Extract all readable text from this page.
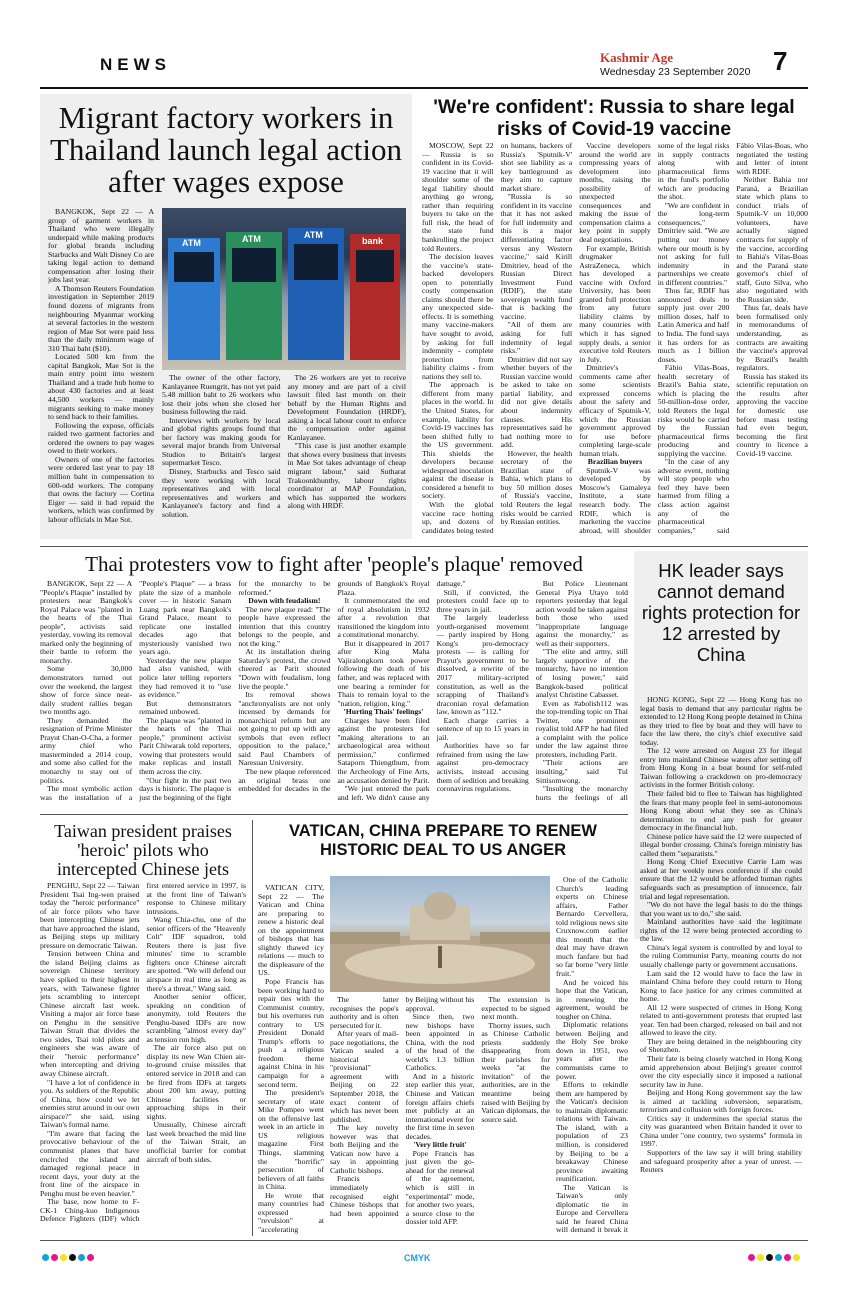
NEWS	Kashmir Age
Wednesday 23 September 2020 7
Migrant factory workers in Thailand launch legal action after wages expose

BANGKOK, Sept 22 — A group of garment workers in Thailand who were illegally underpaid while making products for global brands including Starbucks and Walt Disney Co are taking legal action to demand compensation after losing their jobs last year.

A Thomson Reuters Foundation investigation in September 2019 found dozens of migrants from neighbouring Myanmar working at several factories in the western region of Mae Sot were paid less than the daily minimum wage of 310 Thai baht ($10).

Located 500 km from the capital Bangkok, Mae Sot is the main entry point into western Thailand and a trade hub home to about 430 factories and at least 44,500 workers — mainly migrants seeking to make money to send back to their families.

Following the expose, officials raided two garment factories and ordered the owners to pay wages owed to their workers.

Owners of one of the factories were ordered last year to pay 18 million baht in compensation to 600-odd workers. The company that owns the factory — Cortina Eiger — said it had repaid the workers, which was confirmed by labour officials in Mae Sot.

ATM	ATM	ATM
bank

The owner of the other factory, Kanlayanee Ruengrit, has not yet paid 5.48 million baht to 26 workers who lost their jobs when she closed her business following the raid.

Interviews with workers by local and global rights groups found that her factory was making goods for several major brands from Universal Studios to Britain's largest supermarket Tesco.

Disney, Starbucks and Tesco said they were working with local representatives and with local representatives and workers and Kanlayanee's factory and find a solution.

The 26 workers are yet to receive any money and are part of a civil lawsuit filed last month on their behalf by the Human Rights and Development Foundation (HRDF), asking a local labour court to enforce the compensation order against Kanlayanee.

"This case is just another example that shows every business that invests in Mae Sot takes advantage of cheap migrant labour," said Sutharat Trakoonkhunthy, labour rights coordinator at MAP Foundation, which has supported the workers along with HRDF.

'We're confident': Russia to share legal risks of Covid-19 vaccine

MOSCOW, Sept 22 — Russia is so confident in its Covid-19 vaccine that it will shoulder some of the legal liability should anything go wrong, rather than requiring buyers to take on the full risk, the head of the state fund bankrolling the project told Reuters.

The decision leaves the vaccine's state-backed developers open to potentially costly compensation claims should there be any unexpected side-effects. It is something many vaccine-makers have sought to avoid, by asking for full indemnity - complete protection from liability claims - from nations they sell to.

The approach is different from many places in the world. In the United States, for example, liability for Covid-19 vaccines has been shifted fully to the US government. This shields the developers because widespread inoculation against the disease is considered a benefit to society.

With the global vaccine race hotting up, and dozens of candidates being tested on humans, backers of Russia's 'Sputnik-V' shot see liability as a key battleground as they aim to capture market share.

"Russia is so confident in its vaccine that it has not asked for full indemnity and this is a major differentiating factor versus any Western vaccine," said Kirill Dmitriev, head of the Russian Direct Investment Fund (RDIF), the state sovereign wealth fund that is backing the vaccine.

"All of them are asking for full indemnity of legal risks."

Dmitriev did not say whether buyers of the Russian vaccine would be asked to take on partial liability, and did not give details about indemnity clauses. His representatives said he had nothing more to add.

However, the health secretary of the Brazilian state of Bahia, which plans to buy 50 million doses of Russia's vaccine, told Reuters the legal risks would be carried by Russian entities.

Vaccine developers around the world are compressing years of development into months, raising the possibility of unexpected consequences and making the issue of compensation claims a key point in supply deal negotiations.

For example, British drugmaker AstraZeneca, which has developed a vaccine with Oxford University, has been granted full protection from any future liability claims by many countries with which it has signed supply deals, a senior executive told Reuters in July.

Dmitriev's comments came after some scientists expressed concerns about the safety and efficacy of Sputnik-V, which the Russian government approved for use before completing large-scale human trials.

Brazilian buyers

Sputnik-V was developed by Moscow's Gamaleya Institute, a state research body. The RDIF, which is marketing the vaccine abroad, will shoulder some of the legal risks in supply contracts along with pharmaceutical firms in the fund's portfolio which are producing the shot.

"We are confident in the long-term consequences," Dmitriev said. "We are putting our money where our mouth is by not asking for full indemnity in partnerships we create in different countries."

Thus far, RDIF has announced deals to supply just over 200 million doses, half to Latin America and half to India. The fund says it has orders for as much as 1 billion doses.

Fábio Vilas-Boas, health secretary of Brazil's Bahia state, which is placing the 50-million-dose order, told Reuters the legal risks would be carried by the Russian pharmaceutical firms producing and supplying the vaccine.

"In the case of any adverse event, nothing will stop people who feel they have been harmed from filing a class action against any of the pharmaceutical companies," said Fábio Vilas-Boas, who negotiated the testing and letter of intent with RDIF.

Neither Bahia nor Paraná, a Brazilian state which plans to conduct trials of Sputnik-V on 10,000 volunteers, have actually signed contracts for supply of the vaccine, according to Bahia's Vilas-Boas and the Paraná state governor's chief of staff, Guto Silva, who also negotiated with the Russian side.

Thus far, deals have been formalised only in memorandums of understanding, as contracts are awaiting the vaccine's approval by Brazil's health regulators.

Russia has staked its scientific reputation on the results after approving the vaccine for domestic use before mass testing had even begun, becoming the first country to licence a Covid-19 vaccine.

Thai protesters vow to fight after 'people's plaque' removed

BANGKOK, Sept 22 — A "People's Plaque" installed by protesters near Bangkok's Royal Palace was "planted in the hearts of the Thai people", activists said yesterday, vowing its removal marked only the beginning of their battle to reform the monarchy.

Some 30,000 demonstrators turned out over the weekend, the largest show of force since near-daily student rallies began two months ago.

They demanded the resignation of Prime Minister Prayut Chan-O-Cha, a former army chief who masterminded a 2014 coup, and some also called for the monarchy to stay out of politics.

The most symbolic action was the installation of a "People's Plaque" — a brass plate the size of a manhole cover — in historic Sanam Luang park near Bangkok's Grand Palace, meant to replicate one installed decades ago that mysteriously vanished two years ago.

Yesterday the new plaque had also vanished, with police later telling reporters they had removed it to "use as evidence."

But demonstrators remained unbowed.

The plaque was "planted in the hearts of the Thai people," prominent activist Parit Chiwarak told reporters, vowing that protesters would make replicas and install them across the city.

"Our fight in the past two days is historic. The plaque is just the beginning of the fight for the monarchy to be reformed."

Down with feudalism!

The new plaque read: "The people have expressed the intention that this country belongs to the people, and not the king."

At its installation during Saturday's protest, the crowd cheered as Parit shouted "Down with feudalism, long live the people."

Its removal shows "anchronyalists are not only incensed by demands for monarchical reform but are not going to put up with any symbols that even reflect opposition to the palace," said Paul Chambers of Naresuan University.

The new plaque referenced an original brass one embedded for decades in the grounds of Bangkok's Royal Plaza.

It commemorated the end of royal absolutism in 1932 after a revolution that transitioned the kingdom into a constitutional monarchy.

But it disappeared in 2017 after King Maha Vajiralongkorn took power following the death of his father, and was replaced with one bearing a reminder for Thais to remain loyal to the "nation, religion, king."

'Hurting Thais' feelings'

Charges have been filed against the protesters for "making alterations to an archaeological area without permission," confirmed Sataporn Thiengthum, from the Archeology of Fine Arts, an accusation denied by Parit.

"We just entered the park and left. We didn't cause any damage."

Still, if convicted, the protesters could face up to three years in jail.

The largely leaderless youth-organised movement — partly inspired by Hong Kong's pro-democracy protests — is calling for Prayut's government to be dissolved, a rewrite of the 2017 military-scripted constitution, as well as the scrapping of Thailand's draconian royal defamation law, known as "112."

Each charge carries a sentence of up to 15 years in jail.

Authorities have so far refrained from using the law against pro-democracy activists, instead accusing them of sedition and breaking coronavirus regulations.

But Police Lieutenant General Piya Utayo told reporters yesterday that legal action would be taken against both those who used "inappropriate language against the monarchy," as well as their supporters.

"The elite and army, still largely supportive of the monarchy, have no intention of losing power," said Bangkok-based political analyst Christine Cabasset.

Even as #abolish112 was the top-trending topic on Thai Twitter, one prominent royalist told AFP he had filed a complaint with the police under the law against three protesters, including Parit.

"Their actions are insulting," said Tul Sittisomwong.

"Insulting the monarchy hurts the feelings of all

HK leader says cannot demand rights protection for 12 arrested by China

HONG KONG, Sept 22 — Hong Kong has no legal basis to demand that any particular rights be extended to 12 Hong Kong people detained in China as they tried to flee by boat and they will have to face the law there, the city's chief executive said today.

The 12 were arrested on August 23 for illegal entry into mainland Chinese waters after setting off from Hong Kong in a boat bound for self-ruled Taiwan following a crackdown on pro-democracy activists in the former British colony.

Their failed bid to flee to Taiwan has highlighted the fears that many people feel in semi-autonomous Hong Kong about what they see as China's determination to end any push for greater democracy in the financial hub.

Chinese police have said the 12 were suspected of illegal border crossing. China's foreign ministry has called them "separatists."

Hong Kong Chief Executive Carrie Lam was asked at her weekly news conference if she could ensure that the 12 would be afforded human rights safeguards such as presumption of innocence, fair trial and legal representation.

"We do not have the legal basis to do the things that you want us to do," she said.

Mainland authorities have said the legitimate rights of the 12 were being protected according to the law.

China's legal system is controlled by and loyal to the ruling Communist Party, meaning courts do not usually challenge party or government accusations.

Lam said the 12 would have to face the law in mainland China before they could return to Hong Kong to face justice for any crimes committed at home.

All 12 were suspected of crimes in Hong Kong related to anti-government protests that erupted last year. Ten had been charged, released on bail and not allowed to leave the city.

They are being detained in the neighbouring city of Shenzhen.

Their fate is being closely watched in Hong Kong amid apprehension about Beijing's greater control over the city especially since it imposed a national security law in June.

Beijing and Hong Kong government say the law is aimed at tackling subversion, separatism, terrorism and collusion with foreign forces.

Critics say it undermines the special status the city was guaranteed when Britain handed it over to China under "one country, two systems" formula in 1997.

Supporters of the law say it will bring stability and safeguard prosperity after a year of unrest. — Reuters

Taiwan president praises 'heroic' pilots who intercepted Chinese jets

PENGHU, Sept 22 — Taiwan President Tsai Ing-wen praised today the "heroic performance" of air force pilots who have been intercepting Chinese jets that have approached the island, as Beijing steps up military pressure on democratic Taiwan.

Tension between China and the island Beijing claims as sovereign Chinese territory have spiked to their highest in years, with Taiwanese fighter jets scrambling to intercept Chinese aircraft last week. Visiting a major air force base on Penghu in the sensitive Taiwan Strait that divides the two sides, Tsai told pilots and engineers she was aware of their "heroic performance" when intercepting and driving away Chinese aircraft.

"I have a lot of confidence in you. As soldiers of the Republic of China, how could we let enemies strut around in our own airspace?" she said, using Taiwan's formal name.

"I'm aware that facing the provocative behaviour of the communist planes that have encircled the island and damaged regional peace in recent days, your duty at the front line of the airspace in Penghu must be even heavier."

The base, now home to F-CK-1 Ching-kuo Indigenous Defence Fighters (IDF) which first entered service in 1997, is at the front line of Taiwan's response to Chinese military intrusions.

Wang Chia-chu, one of the senior officers of the "Heavenly Colt" IDF squadron, told Reuters there is just five minutes' time to scramble fighters once Chinese aircraft are spotted. "We will defend our airspace in real time as long as there's a threat," Wang said.

Another senior officer, speaking on condition of anonymity, told Reuters the Penghu-based IDFs are now scrambling "almost every day" as tension run high.

The air force also put on display its new Wan Chien air-to-ground cruise missiles that entered service in 2018 and can be fired from IDFs at targets about 200 km away, putting Chinese facilities or approaching ships in their sights.

Unusually, Chinese aircraft last week breached the mid line of the Taiwan Strait, an unofficial barrier for combat aircraft of both sides.

VATICAN, CHINA PREPARE TO RENEW HISTORIC DEAL TO US ANGER

VATICAN CITY, Sept 22 — The Vatican and China are preparing to renew a historic deal on the appointment of bishops that has slightly thawed icy relations — much to the displeasure of the US.

Pope Francis has been working hard to repair ties with the Communist country, but his overtures run contrary to US President Donald Trump's efforts to push a religious freedom theme against China in his campaign for a second term.

The president's secretary of state Mike Pompeo went on the offensive last week in an article in US religious magazine First Things, slamming the "horrific" persecution of believers of all faiths in China.

He wrote that many countries had expressed "revulsion" at "accelerating

The latter recognises the pope's authority and is often persecuted for it.

After years of mail-pace negotiations, the Vatican sealed a historical "provisional" agreement with Beijing on 22 September 2018, the exact content of which has never been published.

The key novelty however was that both Beijing and the Vatican now have a say in appointing Catholic bishops.

Francis immediately recognised eight Chinese bishops that had been appointed by Beijing without his approval.

Since then, two new bishops have been appointed in China, with the nod of the head of the world's 1.3 billion Catholics.

And in a historic step earlier this year, Chinese and Vatican foreign affairs chiefs met publicly at an international event for the first time in seven decades.

'Very little fruit'

Pope Francis has just given the go-ahead for the renewal of the agreement, which is still in "experimental" mode, for another two years, a source close to the dossier told AFP.

The extension is expected to be signed next month.

Thorny issues, such as Chinese Catholic priests suddenly disappearing from their parishes for weeks "at the invitation" of the authorities, are in the meantime being raised with Beijing by Vatican diplomats, the source said.

One of the Catholic Church's leading experts on Chinese affairs, Father Bernardo Cervellera, told religious news site Cruxnow.com earlier this month that the deal may have drawn much fanfare but had so far borne "very little fruit."

And he voiced his hope that the Vatican, in renewing the agreement, would be tougher on China.

Diplomatic relations between Beijing and the Holy See broke down in 1951, two years after the communists came to power.

Efforts to rekindle them are hampered by the Vatican's decision to maintain diplomatic relations with Taiwan. The island, with a population of 23 million, is considered by Beijing to be a breakaway Chinese province awaiting reunification.

The Vatican is Taiwan's only diplomatic tie in Europe and Cervellera said he feared China will demand it break it

CMYK
